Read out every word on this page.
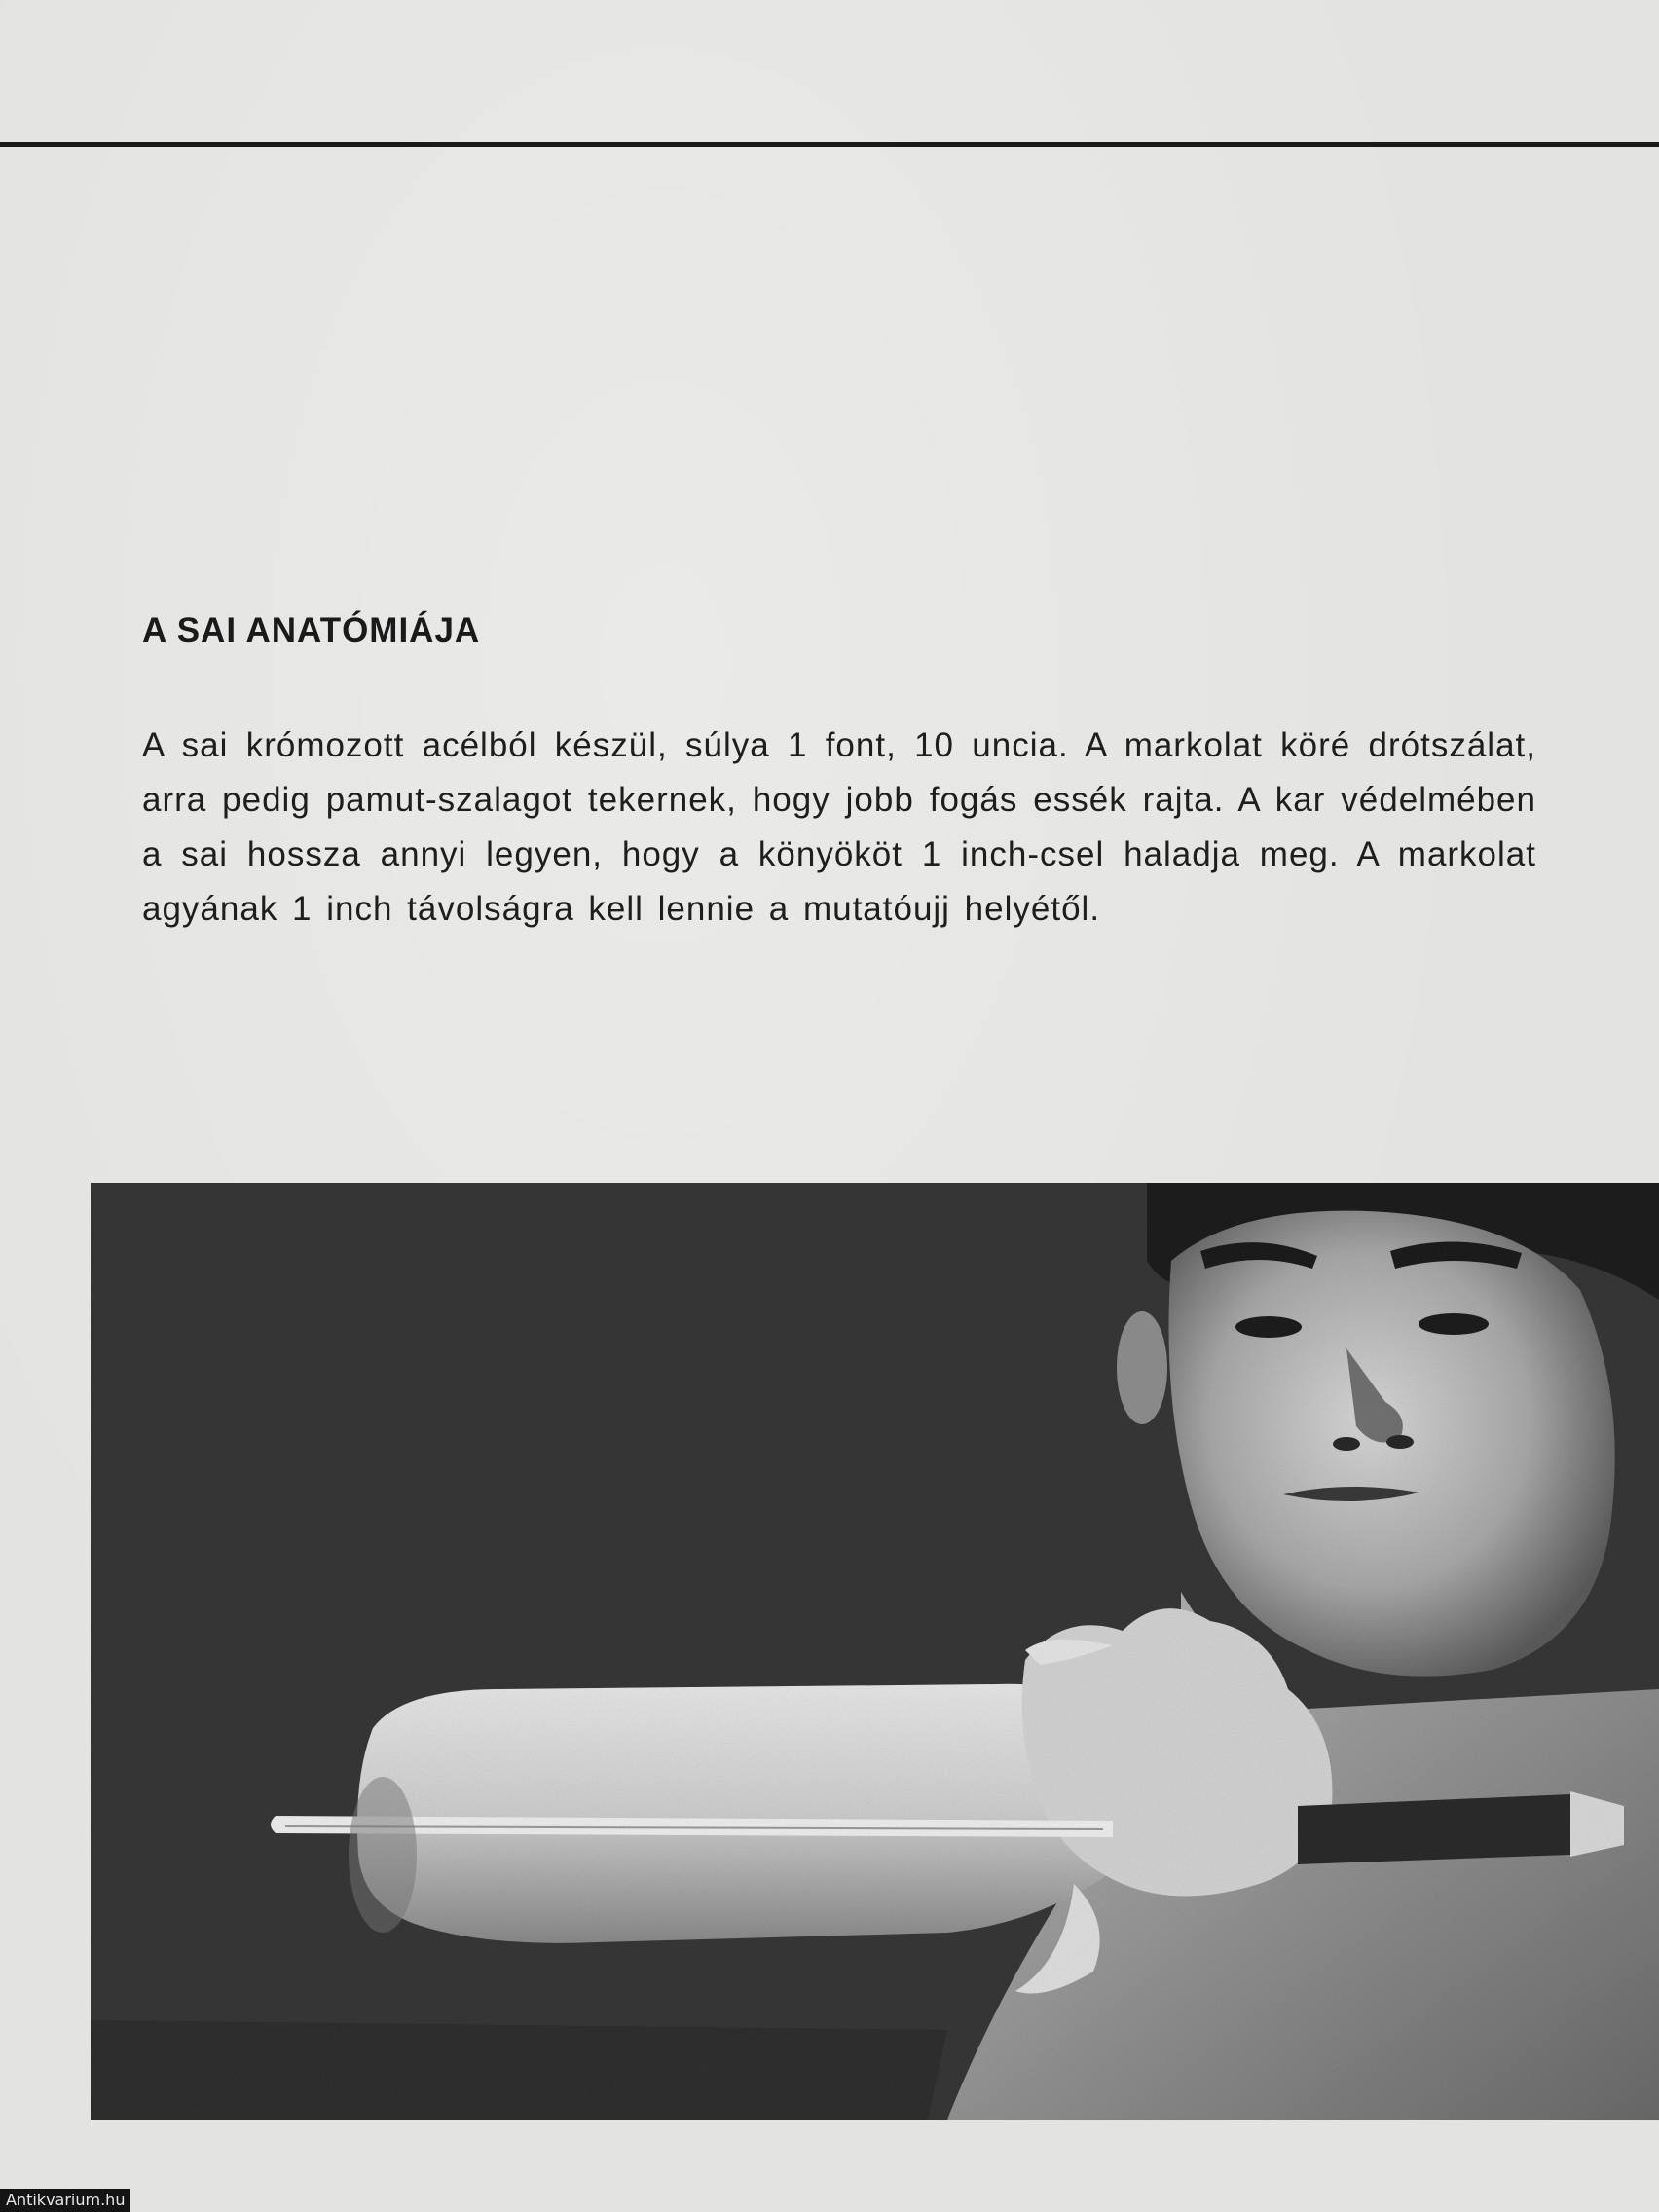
A SAI ANATÓMIÁJA
A sai krómozott acélból készül, súlya 1 font, 10 uncia. A markolat köré drótszálat, arra pedig pamut-szalagot tekernek, hogy jobb fogás essék rajta. A kar védelmében a sai hossza annyi legyen, hogy a könyököt 1 inch-csel haladja meg. A markolat agyának 1 inch távolságra kell lennie a mutatóujj helyétől.
Antikvarium.hu
